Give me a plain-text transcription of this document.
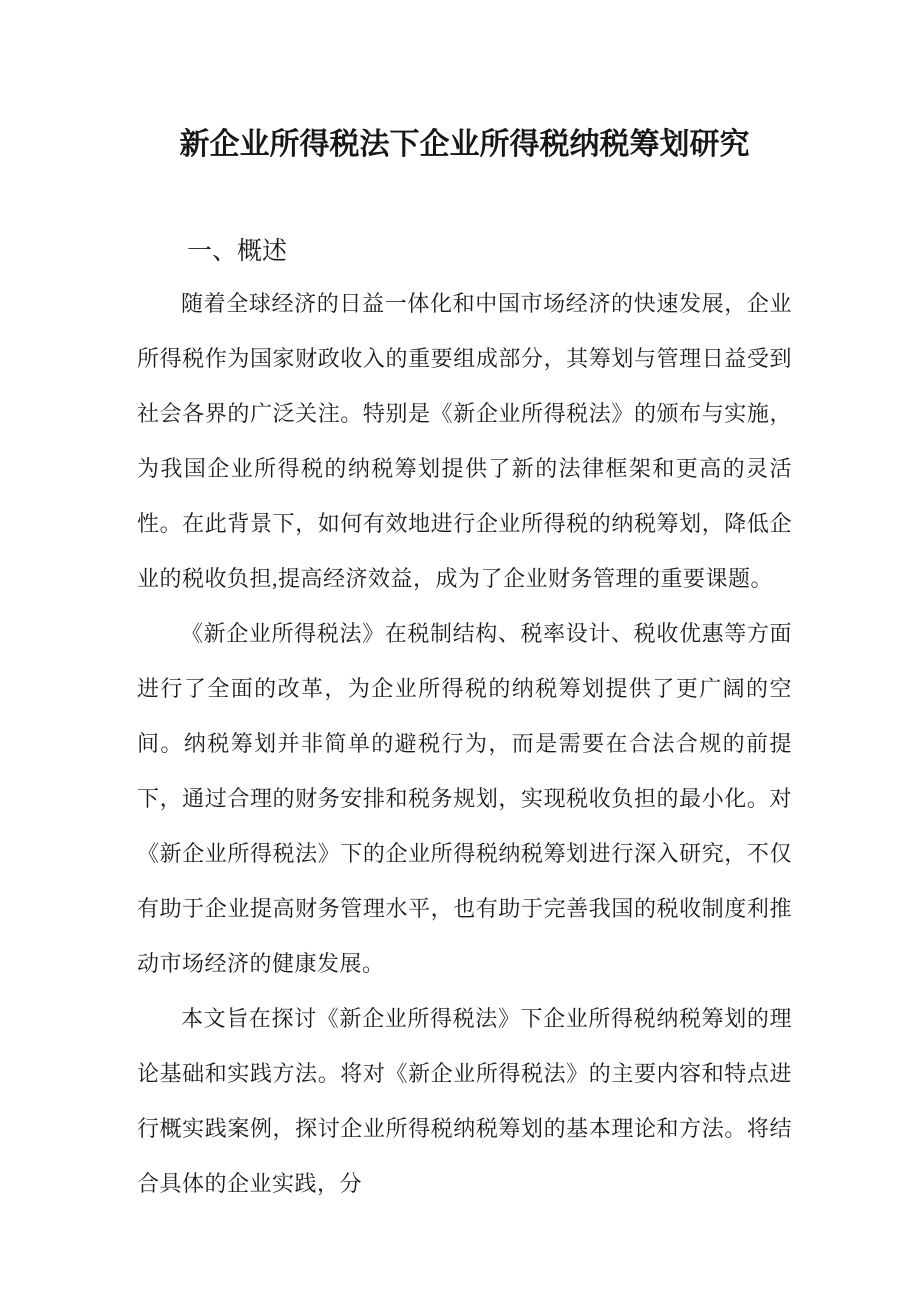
新企业所得税法下企业所得税纳税筹划研究
一、概述

随着全球经济的日益一体化和中国市场经济的快速发展，企业所得税作为国家财政收入的重要组成部分，其筹划与管理日益受到社会各界的广泛关注。特别是《新企业所得税法》的颁布与实施，为我国企业所得税的纳税筹划提供了新的法律框架和更高的灵活性。在此背景下，如何有效地进行企业所得税的纳税筹划，降低企业的税收负担,提高经济效益，成为了企业财务管理的重要课题。

《新企业所得税法》在税制结构、税率设计、税收优惠等方面进行了全面的改革，为企业所得税的纳税筹划提供了更广阔的空间。纳税筹划并非简单的避税行为，而是需要在合法合规的前提下，通过合理的财务安排和税务规划，实现税收负担的最小化。对《新企业所得税法》下的企业所得税纳税筹划进行深入研究，不仅有助于企业提高财务管理水平，也有助于完善我国的税收制度利推动市场经济的健康发展。

本文旨在探讨《新企业所得税法》下企业所得税纳税筹划的理论基础和实践方法。将对《新企业所得税法》的主要内容和特点进行概实践案例，探讨企业所得税纳税筹划的基本理论和方法。将结合具体的企业实践，分
